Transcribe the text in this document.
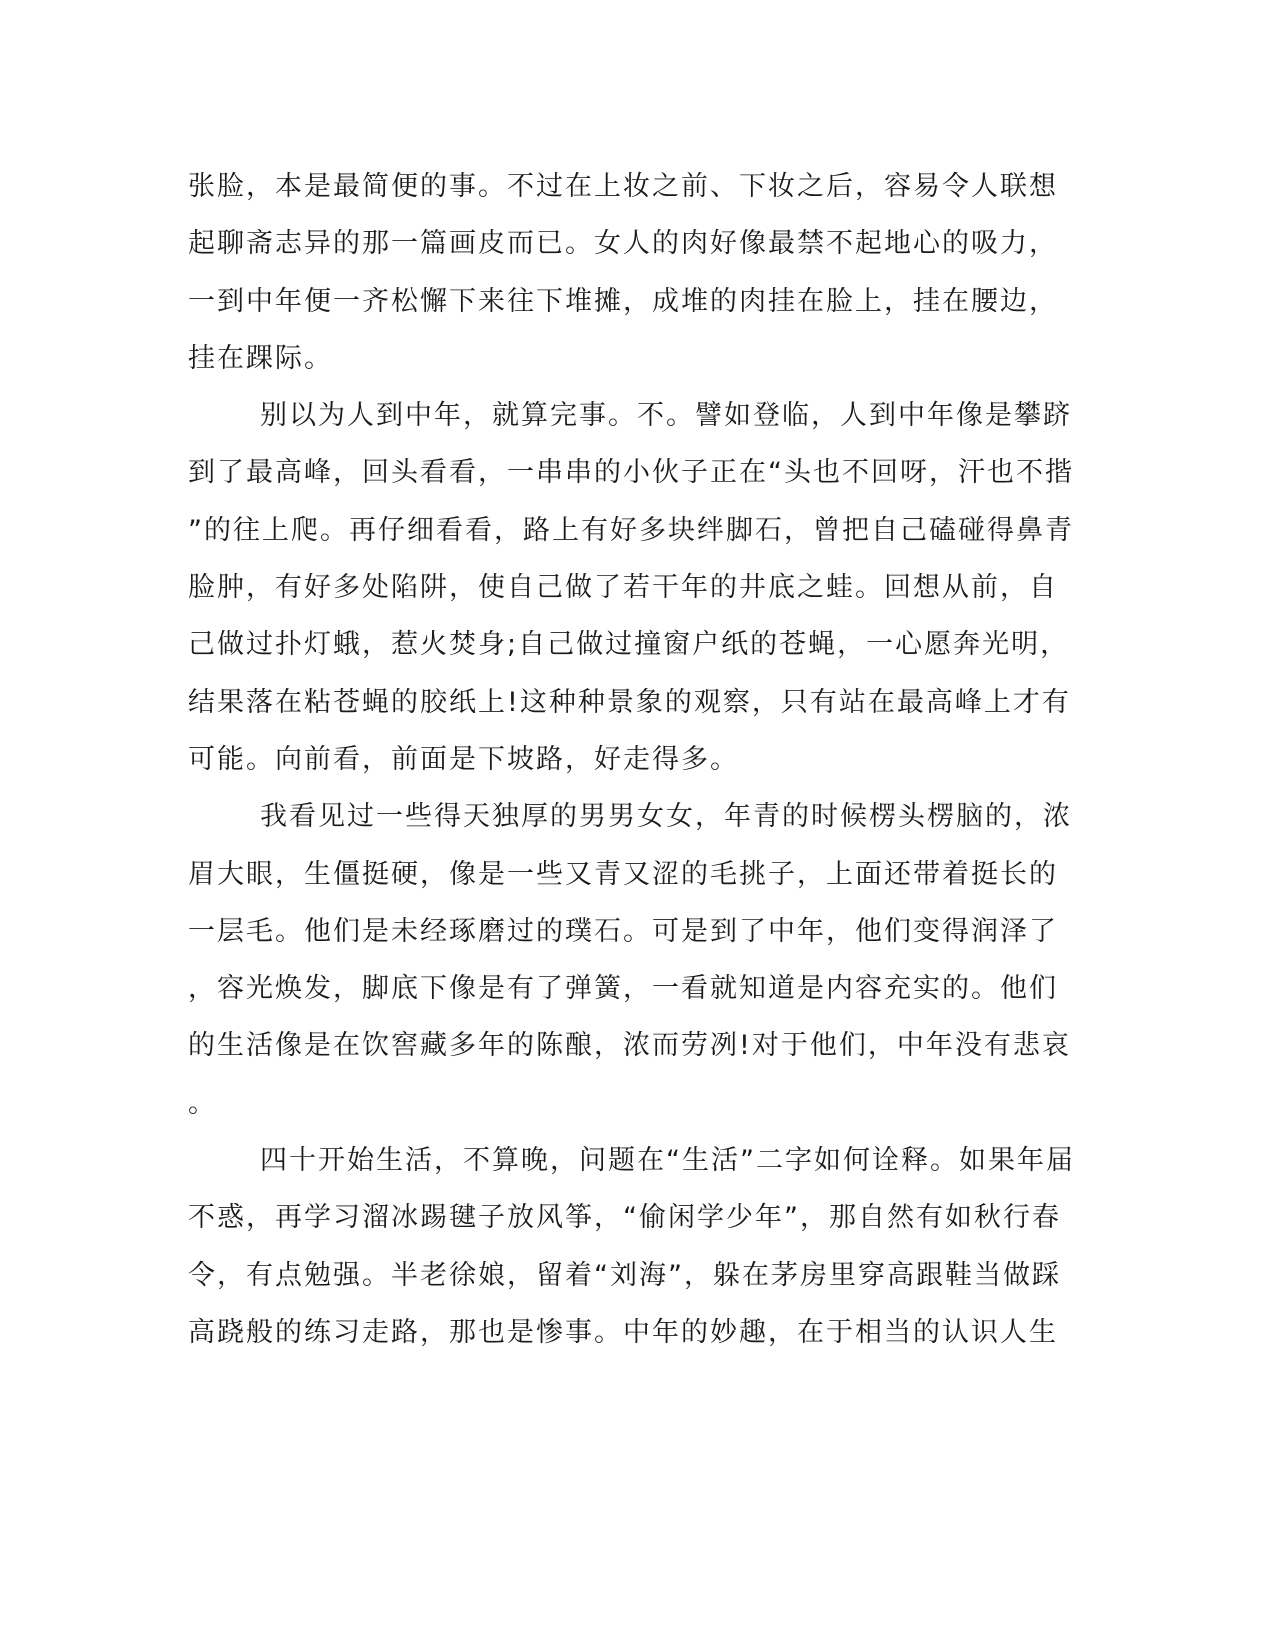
张脸，本是最简便的事。不过在上妆之前、下妆之后，容易令人联想
起聊斋志异的那一篇画皮而已。女人的肉好像最禁不起地心的吸力，
一到中年便一齐松懈下来往下堆摊，成堆的肉挂在脸上，挂在腰边，
挂在踝际。
别以为人到中年，就算完事。不。譬如登临，人到中年像是攀跻
到了最高峰，回头看看，一串串的小伙子正在“头也不回呀，汗也不揩
”的往上爬。再仔细看看，路上有好多块绊脚石，曾把自己磕碰得鼻青
脸肿，有好多处陷阱，使自己做了若干年的井底之蛙。回想从前，自
己做过扑灯蛾，惹火焚身;自己做过撞窗户纸的苍蝇，一心愿奔光明，
结果落在粘苍蝇的胶纸上!这种种景象的观察，只有站在最高峰上才有
可能。向前看，前面是下坡路，好走得多。
我看见过一些得天独厚的男男女女，年青的时候楞头楞脑的，浓
眉大眼，生僵挺硬，像是一些又青又涩的毛挑子，上面还带着挺长的
一层毛。他们是未经琢磨过的璞石。可是到了中年，他们变得润泽了
，容光焕发，脚底下像是有了弹簧，一看就知道是内容充实的。他们
的生活像是在饮窖藏多年的陈酿，浓而劳冽!对于他们，中年没有悲哀
。
四十开始生活，不算晚，问题在“生活”二字如何诠释。如果年届
不惑，再学习溜冰踢毽子放风筝，“偷闲学少年”，那自然有如秋行春
令，有点勉强。半老徐娘，留着“刘海”，躲在茅房里穿高跟鞋当做踩
高跷般的练习走路，那也是惨事。中年的妙趣，在于相当的认识人生
